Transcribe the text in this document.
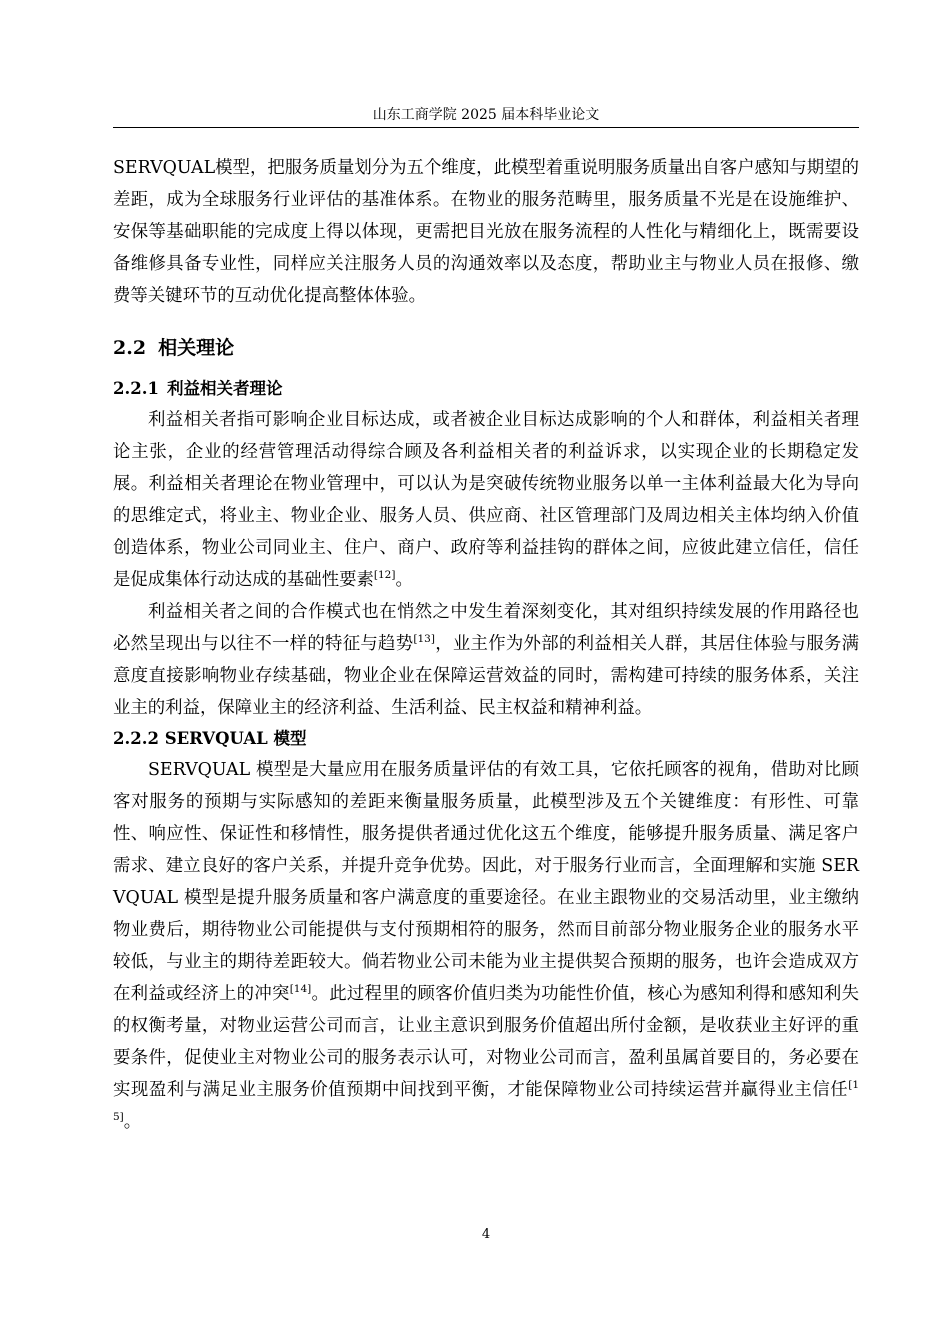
山东工商学院 2025 届本科毕业论文

SERVQUAL模型，把服务质量划分为五个维度，此模型着重说明服务质量出自客户感知与期望的差距，成为全球服务行业评估的基准体系。在物业的服务范畴里，服务质量不光是在设施维护、安保等基础职能的完成度上得以体现，更需把目光放在服务流程的人性化与精细化上，既需要设备维修具备专业性，同样应关注服务人员的沟通效率以及态度，帮助业主与物业人员在报修、缴费等关键环节的互动优化提高整体体验。

2.2 相关理论
2.2.1 利益相关者理论

利益相关者指可影响企业目标达成，或者被企业目标达成影响的个人和群体，利益相关者理论主张，企业的经营管理活动得综合顾及各利益相关者的利益诉求，以实现企业的长期稳定发展。利益相关者理论在物业管理中，可以认为是突破传统物业服务以单一主体利益最大化为导向的思维定式，将业主、物业企业、服务人员、供应商、社区管理部门及周边相关主体均纳入价值创造体系，物业公司同业主、住户、商户、政府等利益挂钩的群体之间，应彼此建立信任，信任是促成集体行动达成的基础性要素[12]。

利益相关者之间的合作模式也在悄然之中发生着深刻变化，其对组织持续发展的作用路径也必然呈现出与以往不一样的特征与趋势[13]，业主作为外部的利益相关人群，其居住体验与服务满意度直接影响物业存续基础，物业企业在保障运营效益的同时，需构建可持续的服务体系，关注业主的利益，保障业主的经济利益、生活利益、民主权益和精神利益。

2.2.2 SERVQUAL 模型

SERVQUAL 模型是大量应用在服务质量评估的有效工具，它依托顾客的视角，借助对比顾客对服务的预期与实际感知的差距来衡量服务质量，此模型涉及五个关键维度：有形性、可靠性、响应性、保证性和移情性，服务提供者通过优化这五个维度，能够提升服务质量、满足客户需求、建立良好的客户关系，并提升竞争优势。因此，对于服务行业而言，全面理解和实施 SERVQUAL 模型是提升服务质量和客户满意度的重要途径。在业主跟物业的交易活动里，业主缴纳物业费后，期待物业公司能提供与支付预期相符的服务，然而目前部分物业服务企业的服务水平较低，与业主的期待差距较大。倘若物业公司未能为业主提供契合预期的服务，也许会造成双方在利益或经济上的冲突[14]。此过程里的顾客价值归类为功能性价值，核心为感知利得和感知利失的权衡考量，对物业运营公司而言，让业主意识到服务价值超出所付金额，是收获业主好评的重要条件，促使业主对物业公司的服务表示认可，对物业公司而言，盈利虽属首要目的，务必要在实现盈利与满足业主服务价值预期中间找到平衡，才能保障物业公司持续运营并赢得业主信任[15]。

4
